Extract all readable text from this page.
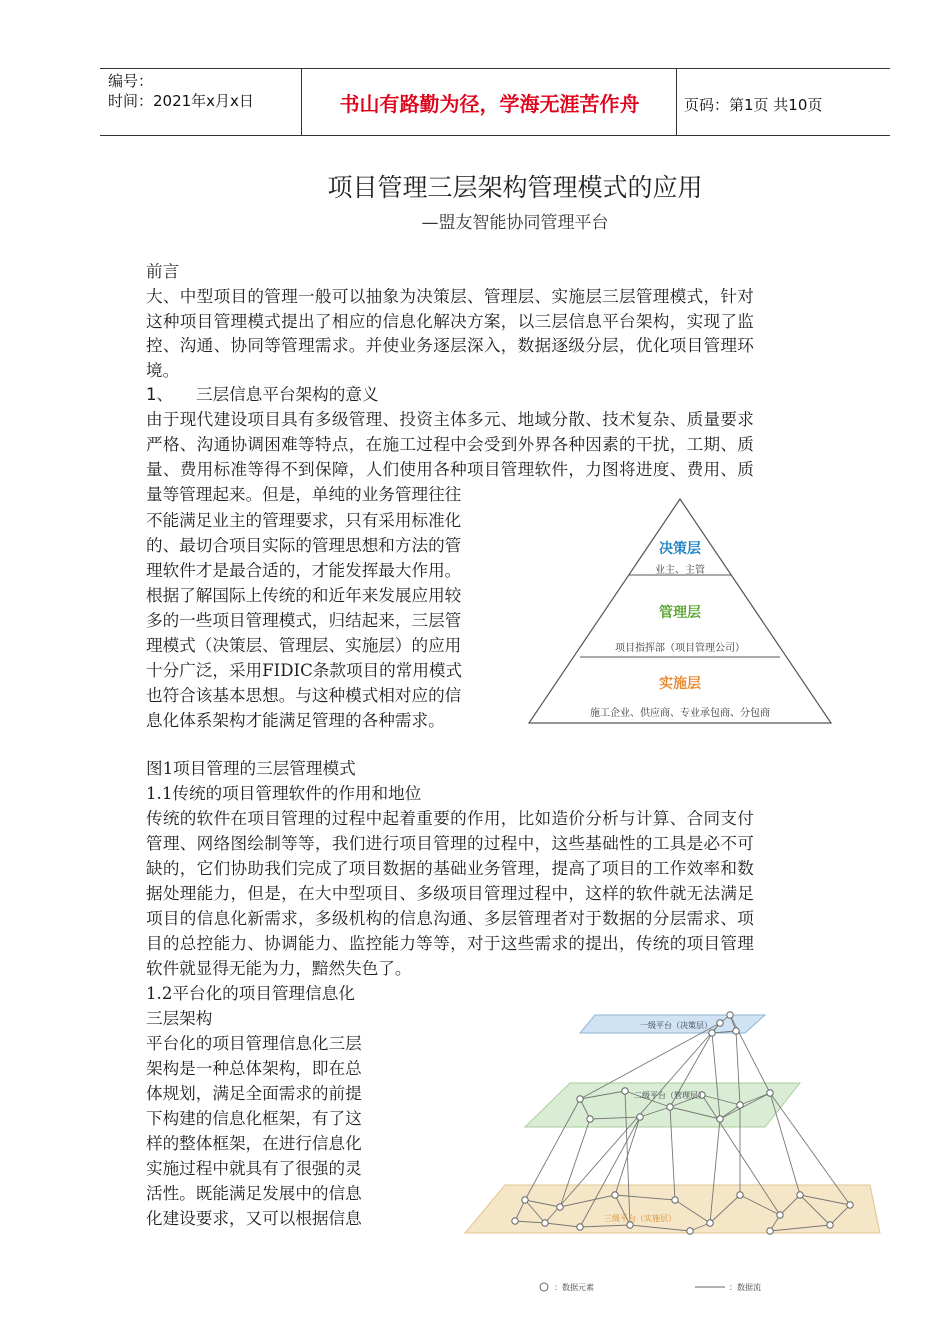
编号：
时间：2021年x月x日	书山有路勤为径，学海无涯苦作舟	页码：第1页 共10页
项目管理三层架构管理模式的应用
—盟友智能协同管理平台
前言
大、中型项目的管理一般可以抽象为决策层、管理层、实施层三层管理模式，针对
这种项目管理模式提出了相应的信息化解决方案，以三层信息平台架构，实现了监
控、沟通、协同等管理需求。并使业务逐层深入，数据逐级分层，优化项目管理环
境。
1、 三层信息平台架构的意义
由于现代建设项目具有多级管理、投资主体多元、地域分散、技术复杂、质量要求
严格、沟通协调困难等特点，在施工过程中会受到外界各种因素的干扰，工期、质
量、费用标准等得不到保障，人们使用各种项目管理软件，力图将进度、费用、质
量等管理起来。但是，单纯的业务管理往往
不能满足业主的管理要求，只有采用标准化
的、最切合项目实际的管理思想和方法的管
理软件才是最合适的，才能发挥最大作用。
根据了解国际上传统的和近年来发展应用较
多的一些项目管理模式，归结起来，三层管
理模式（决策层、管理层、实施层）的应用
十分广泛，采用FIDIC条款项目的常用模式
也符合该基本思想。与这种模式相对应的信
息化体系架构才能满足管理的各种需求。
图1项目管理的三层管理模式
1.1传统的项目管理软件的作用和地位
传统的软件在项目管理的过程中起着重要的作用，比如造价分析与计算、合同支付
管理、网络图绘制等等，我们进行项目管理的过程中，这些基础性的工具是必不可
缺的，它们协助我们完成了项目数据的基础业务管理，提高了项目的工作效率和数
据处理能力，但是，在大中型项目、多级项目管理过程中，这样的软件就无法满足
项目的信息化新需求，多级机构的信息沟通、多层管理者对于数据的分层需求、项
目的总控能力、协调能力、监控能力等等，对于这些需求的提出，传统的项目管理
软件就显得无能为力，黯然失色了。
1.2平台化的项目管理信息化
三层架构
平台化的项目管理信息化三层
架构是一种总体架构，即在总
体规划，满足全面需求的前提
下构建的信息化框架，有了这
样的整体框架，在进行信息化
实施过程中就具有了很强的灵
活性。既能满足发展中的信息
化建设要求，又可以根据信息
决策层
业主、主管
管理层
项目指挥部（项目管理公司）
实施层
施工企业、供应商、专业承包商、分包商
一级平台（决策层）
二级平台（管理层）
三级平台（实施层）
：数据元素	：数据流
